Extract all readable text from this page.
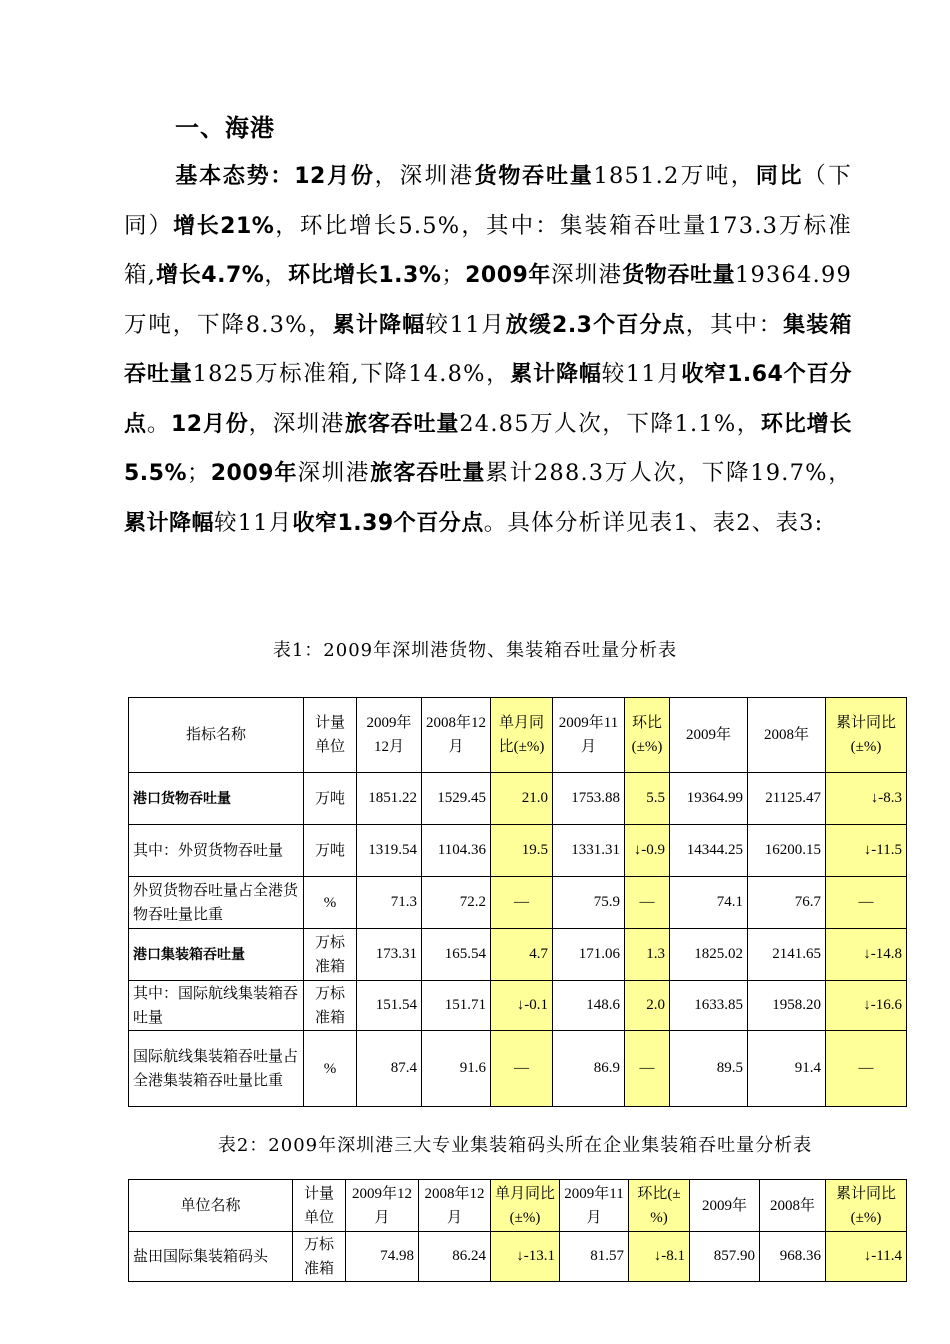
一、海港
基本态势：12月份，深圳港货物吞吐量1851.2万吨，同比（下同）增长21%，环比增长5.5%，其中：集装箱吞吐量173.3万标准箱,增长4.7%，环比增长1.3%；2009年深圳港货物吞吐量19364.99万吨，下降8.3%，累计降幅较11月放缓2.3个百分点，其中：集装箱吞吐量1825万标准箱,下降14.8%，累计降幅较11月收窄1.64个百分点。12月份，深圳港旅客吞吐量24.85万人次，下降1.1%，环比增长5.5%；2009年深圳港旅客吞吐量累计288.3万人次，下降19.7%，累计降幅较11月收窄1.39个百分点。具体分析详见表1、表2、表3:
表1：2009年深圳港货物、集装箱吞吐量分析表
指标名称	计量单位	2009年12月	2008年12月	单月同比(±%)	2009年11月	环比(±%)	2009年	2008年	累计同比(±%)
港口货物吞吐量	万吨	1851.22	1529.45	21.0	1753.88	5.5	19364.99	21125.47	↓-8.3
其中：外贸货物吞吐量	万吨	1319.54	1104.36	19.5	1331.31	↓-0.9	14344.25	16200.15	↓-11.5
外贸货物吞吐量占全港货物吞吐量比重	%	71.3	72.2	—	75.9	—	74.1	76.7	—
港口集装箱吞吐量	万标准箱	173.31	165.54	4.7	171.06	1.3	1825.02	2141.65	↓-14.8
其中：国际航线集装箱吞吐量	万标准箱	151.54	151.71	↓-0.1	148.6	2.0	1633.85	1958.20	↓-16.6
国际航线集装箱吞吐量占全港集装箱吞吐量比重	%	87.4	91.6	—	86.9	—	89.5	91.4	—
表2：2009年深圳港三大专业集装箱码头所在企业集装箱吞吐量分析表
单位名称	计量单位	2009年12月	2008年12月	单月同比(±%)	2009年11月	环比(±%)	2009年	2008年	累计同比(±%)
盐田国际集装箱码头	万标准箱	74.98	86.24	↓-13.1	81.57	↓-8.1	857.90	968.36	↓-11.4
